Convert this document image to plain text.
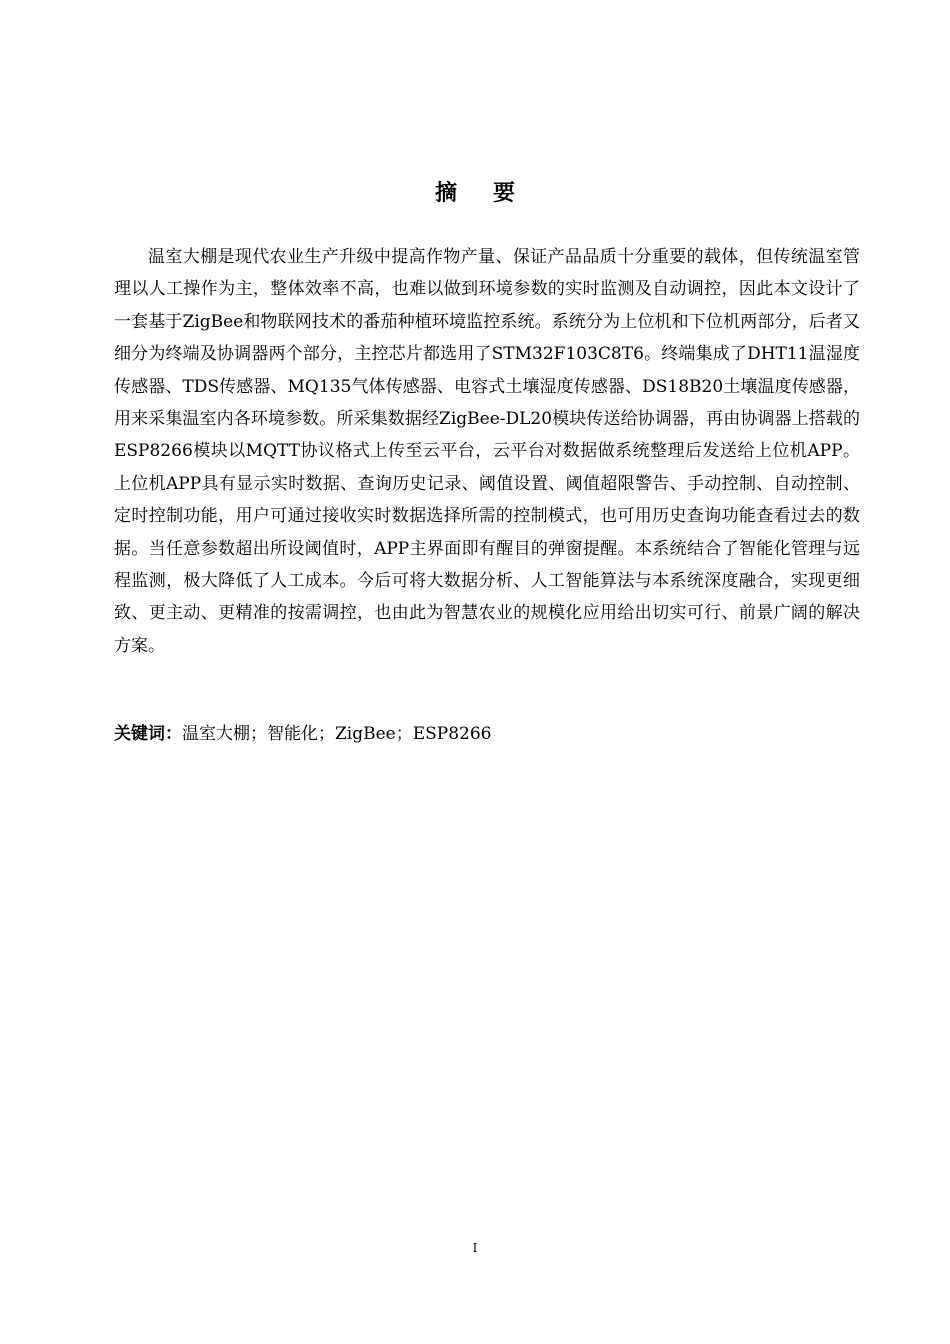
摘要

温室大棚是现代农业生产升级中提高作物产量、保证产品品质十分重要的载体，但传统温室管理以人工操作为主，整体效率不高，也难以做到环境参数的实时监测及自动调控，因此本文设计了一套基于ZigBee和物联网技术的番茄种植环境监控系统。系统分为上位机和下位机两部分，后者又细分为终端及协调器两个部分，主控芯片都选用了STM32F103C8T6。终端集成了DHT11温湿度传感器、TDS传感器、MQ135气体传感器、电容式土壤湿度传感器、DS18B20土壤温度传感器，用来采集温室内各环境参数。所采集数据经ZigBee-DL20模块传送给协调器，再由协调器上搭载的ESP8266模块以MQTT协议格式上传至云平台，云平台对数据做系统整理后发送给上位机APP。上位机APP具有显示实时数据、查询历史记录、阈值设置、阈值超限警告、手动控制、自动控制、定时控制功能，用户可通过接收实时数据选择所需的控制模式，也可用历史查询功能查看过去的数据。当任意参数超出所设阈值时，APP主界面即有醒目的弹窗提醒。本系统结合了智能化管理与远程监测，极大降低了人工成本。今后可将大数据分析、人工智能算法与本系统深度融合，实现更细致、更主动、更精准的按需调控，也由此为智慧农业的规模化应用给出切实可行、前景广阔的解决方案。

关键词：温室大棚；智能化；ZigBee；ESP8266
I
